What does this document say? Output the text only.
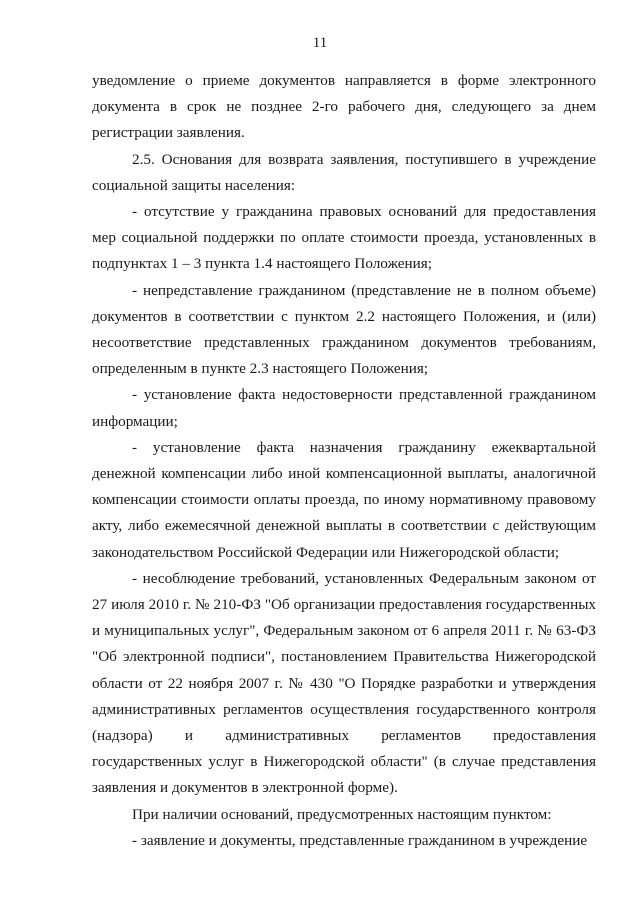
11

уведомление о приеме документов направляется в форме электронного документа в срок не позднее 2-го рабочего дня, следующего за днем регистрации заявления.

2.5. Основания для возврата заявления, поступившего в учреждение социальной защиты населения:

- отсутствие у гражданина правовых оснований для предоставления мер социальной поддержки по оплате стоимости проезда, установленных в подпунктах 1 – 3 пункта 1.4 настоящего Положения;

- непредставление гражданином (представление не в полном объеме) документов в соответствии с пунктом 2.2 настоящего Положения, и (или) несоответствие представленных гражданином документов требованиям, определенным в пункте 2.3 настоящего Положения;

- установление факта недостоверности представленной гражданином информации;

- установление факта назначения гражданину ежеквартальной денежной компенсации либо иной компенсационной выплаты, аналогичной компенсации стоимости оплаты проезда, по иному нормативному правовому акту, либо ежемесячной денежной выплаты в соответствии с действующим законодательством Российской Федерации или Нижегородской области;

- несоблюдение требований, установленных Федеральным законом от 27 июля 2010 г. № 210-ФЗ "Об организации предоставления государственных и муниципальных услуг", Федеральным законом от 6 апреля 2011 г. № 63-ФЗ "Об электронной подписи", постановлением Правительства Нижегородской области от 22 ноября 2007 г. № 430 "О Порядке разработки и утверждения административных регламентов осуществления государственного контроля (надзора) и административных регламентов предоставления государственных услуг в Нижегородской области" (в случае представления заявления и документов в электронной форме).

При наличии оснований, предусмотренных настоящим пунктом:

- заявление и документы, представленные гражданином в учреждение
